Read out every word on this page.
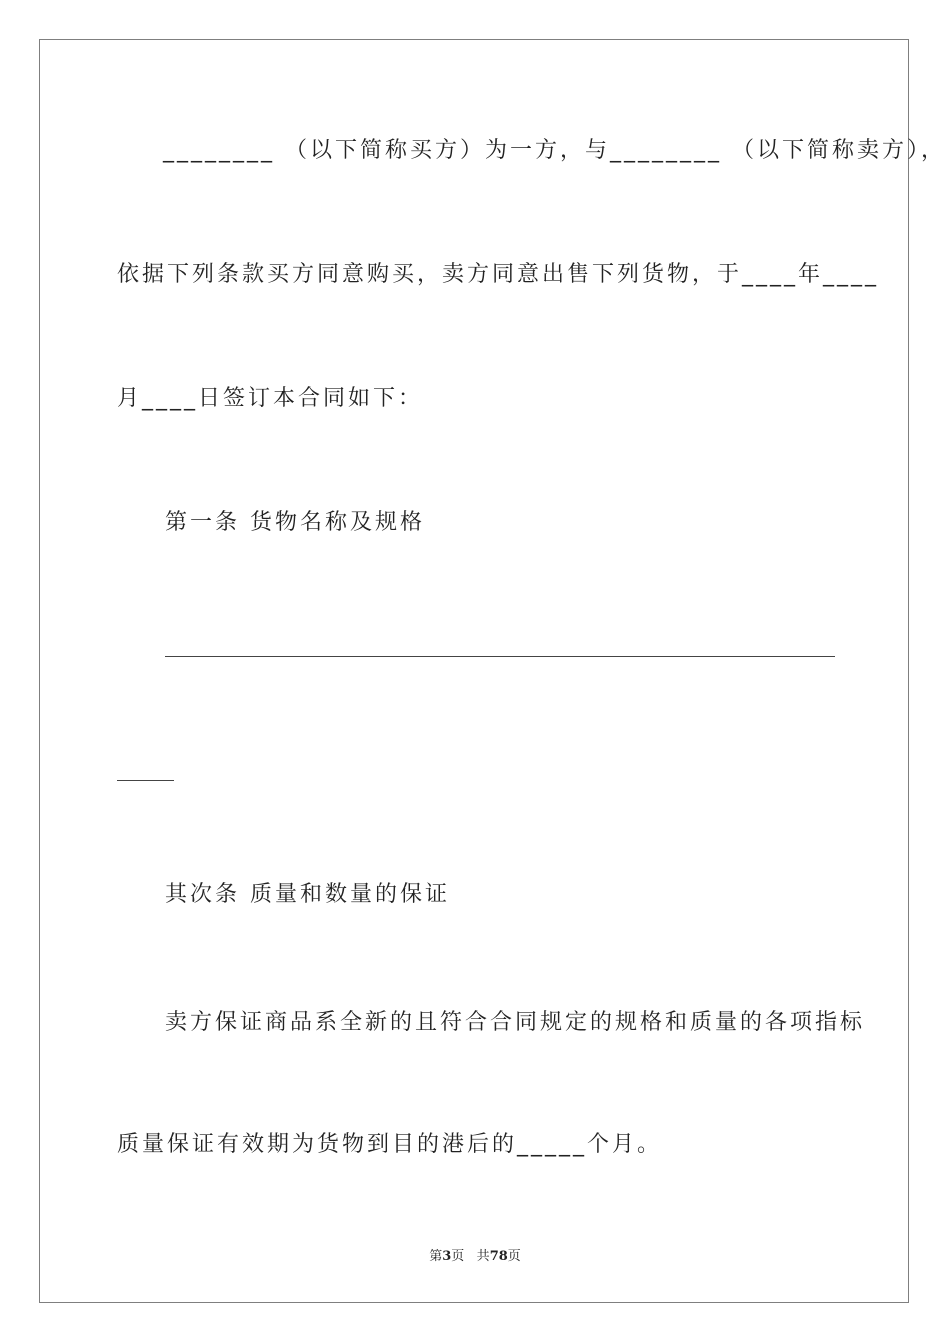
________ （以下简称买方）为一方，与________ （以下简称卖方），
依据下列条款买方同意购买，卖方同意出售下列货物，于____年____
月____日签订本合同如下：
第一条 货物名称及规格
其次条 质量和数量的保证
卖方保证商品系全新的且符合合同规定的规格和质量的各项指标
质量保证有效期为货物到目的港后的_____个月。
第3页 共78页
